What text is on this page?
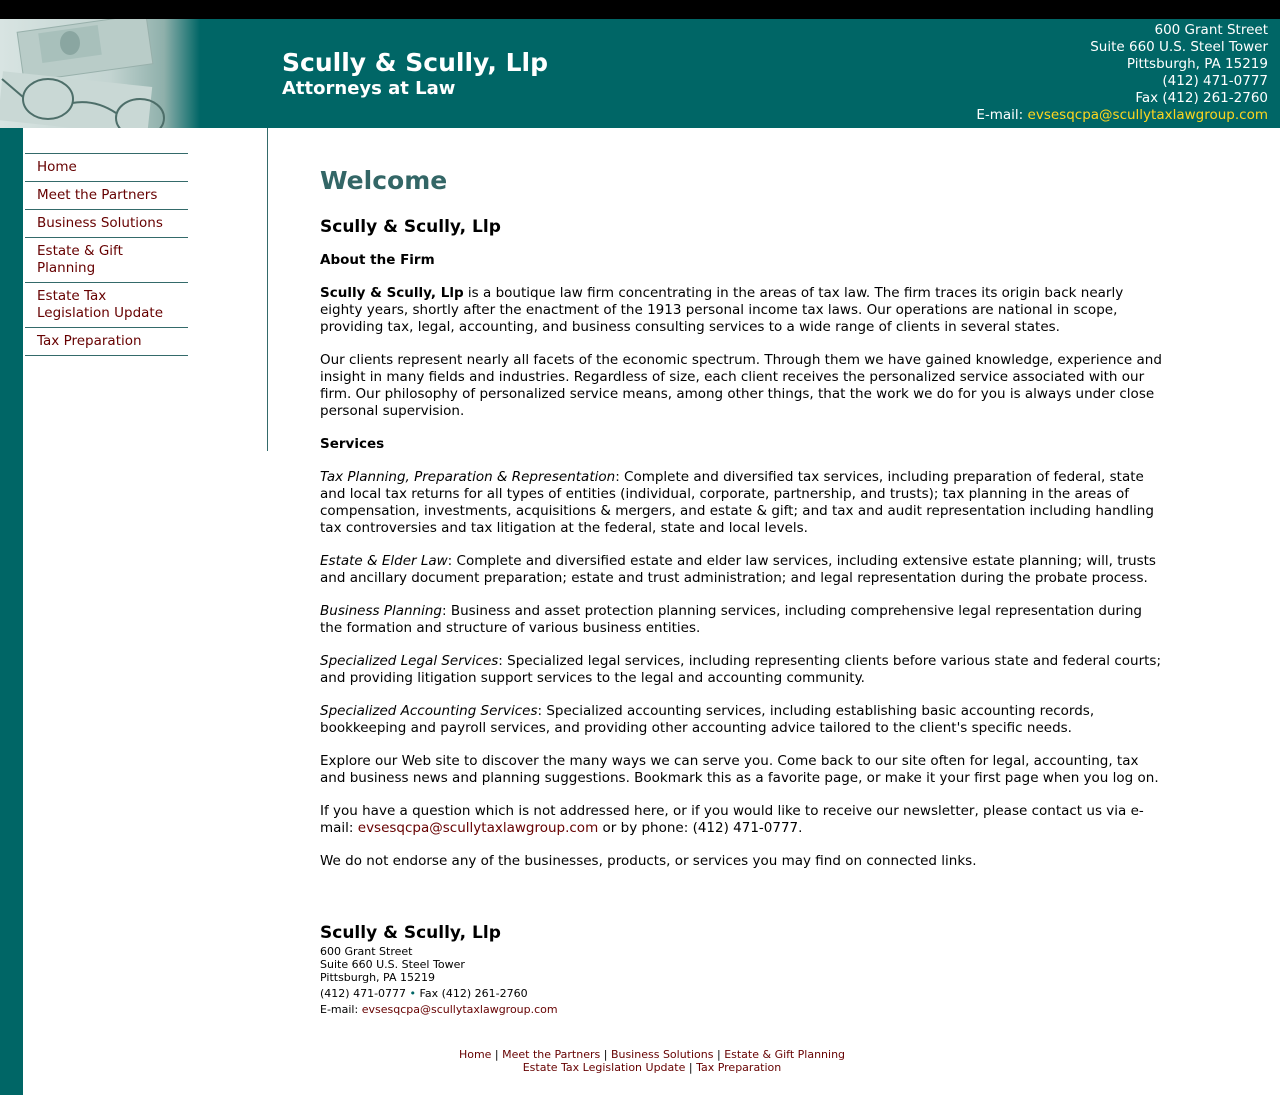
Scully & Scully, Llp
Attorneys at Law
600 Grant Street
Suite 660 U.S. Steel Tower
Pittsburgh, PA 15219
(412) 471-0777
Fax (412) 261-2760
E-mail: evsesqcpa@scullytaxlawgroup.com
Home
Meet the Partners
Business Solutions
Estate & Gift Planning
Estate Tax Legislation Update
Tax Preparation
Welcome
Scully & Scully, Llp
About the Firm

Scully & Scully, Llp is a boutique law firm concentrating in the areas of tax law. The firm traces its origin back nearly eighty years, shortly after the enactment of the 1913 personal income tax laws. Our operations are national in scope, providing tax, legal, accounting, and business consulting services to a wide range of clients in several states.

Our clients represent nearly all facets of the economic spectrum. Through them we have gained knowledge, experience and insight in many fields and industries. Regardless of size, each client receives the personalized service associated with our firm. Our philosophy of personalized service means, among other things, that the work we do for you is always under close personal supervision.

Services

Tax Planning, Preparation & Representation: Complete and diversified tax services, including preparation of federal, state and local tax returns for all types of entities (individual, corporate, partnership, and trusts); tax planning in the areas of compensation, investments, acquisitions & mergers, and estate & gift; and tax and audit representation including handling tax controversies and tax litigation at the federal, state and local levels.

Estate & Elder Law: Complete and diversified estate and elder law services, including extensive estate planning; will, trusts and ancillary document preparation; estate and trust administration; and legal representation during the probate process.

Business Planning: Business and asset protection planning services, including comprehensive legal representation during the formation and structure of various business entities.

Specialized Legal Services: Specialized legal services, including representing clients before various state and federal courts; and providing litigation support services to the legal and accounting community.

Specialized Accounting Services: Specialized accounting services, including establishing basic accounting records, bookkeeping and payroll services, and providing other accounting advice tailored to the client's specific needs.

Explore our Web site to discover the many ways we can serve you. Come back to our site often for legal, accounting, tax and business news and planning suggestions. Bookmark this as a favorite page, or make it your first page when you log on.

If you have a question which is not addressed here, or if you would like to receive our newsletter, please contact us via e-mail: evsesqcpa@scullytaxlawgroup.com or by phone: (412) 471-0777.

We do not endorse any of the businesses, products, or services you may find on connected links.

Scully & Scully, Llp
600 Grant Street
Suite 660 U.S. Steel Tower
Pittsburgh, PA 15219
(412) 471-0777 • Fax (412) 261-2760
E-mail: evsesqcpa@scullytaxlawgroup.com
Home | Meet the Partners | Business Solutions | Estate & Gift Planning
Estate Tax Legislation Update | Tax Preparation
